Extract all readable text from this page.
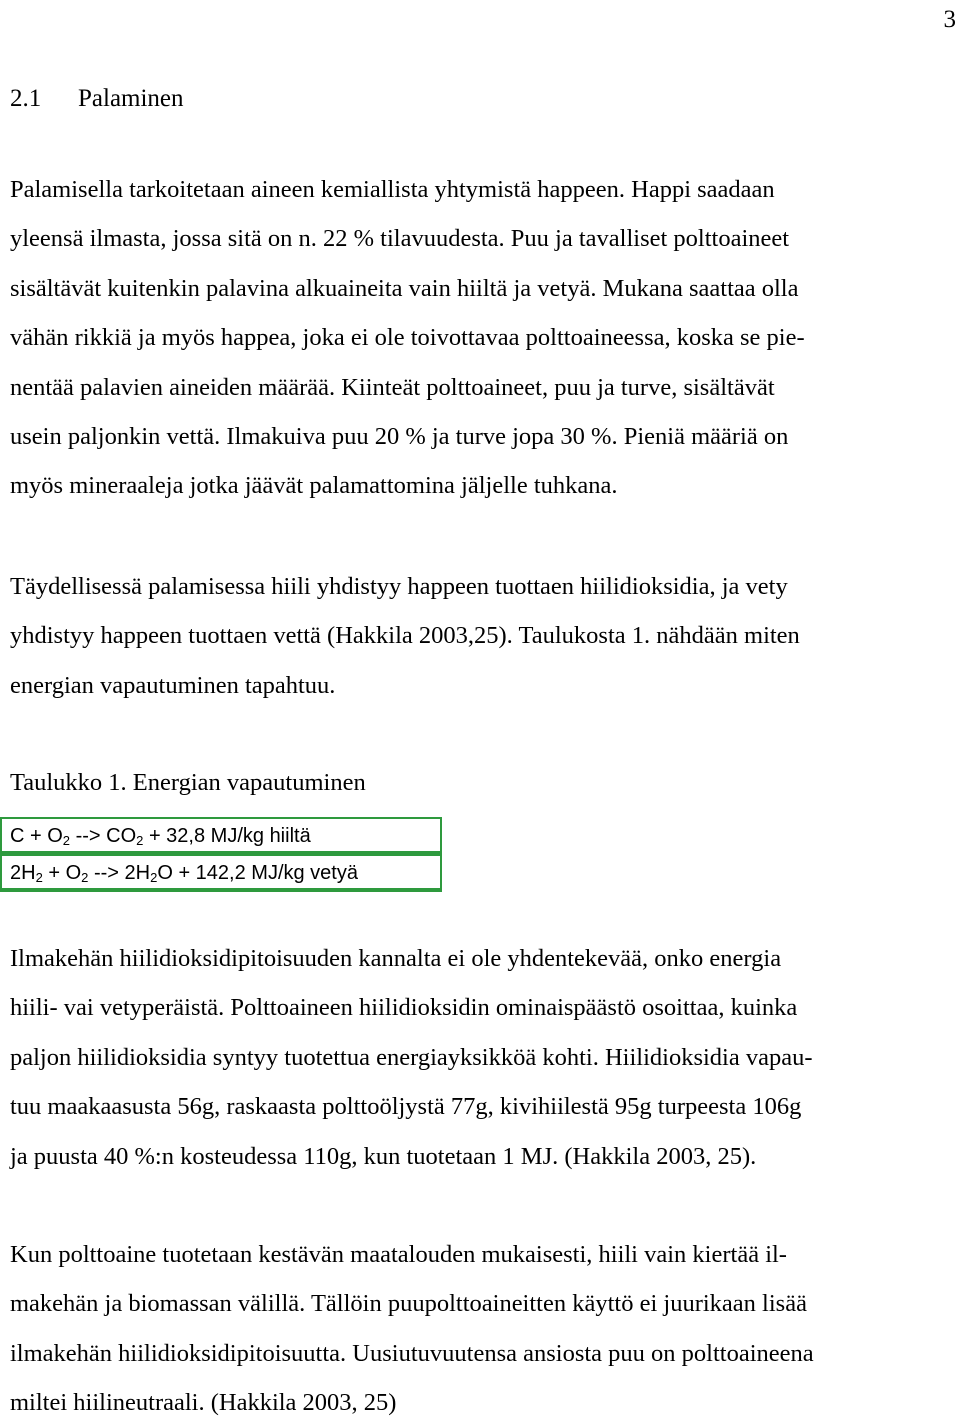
3
2.1 Palaminen
Palamisella tarkoitetaan aineen kemiallista yhtymistä happeen. Happi saadaan
yleensä ilmasta, jossa sitä on n. 22 % tilavuudesta. Puu ja tavalliset polttoaineet
sisältävät kuitenkin palavina alkuaineita vain hiiltä ja vetyä. Mukana saattaa olla
vähän rikkiä ja myös happea, joka ei ole toivottavaa polttoaineessa, koska se pie-
nentää palavien aineiden määrää. Kiinteät polttoaineet, puu ja turve, sisältävät
usein paljonkin vettä. Ilmakuiva puu 20 % ja turve jopa 30 %. Pieniä määriä on
myös mineraaleja jotka jäävät palamattomina jäljelle tuhkana.
Täydellisessä palamisessa hiili yhdistyy happeen tuottaen hiilidioksidia, ja vety
yhdistyy happeen tuottaen vettä (Hakkila 2003,25). Taulukosta 1. nähdään miten
energian vapautuminen tapahtuu.
Taulukko 1. Energian vapautuminen
$C + O_2$ --> $CO_2 + 32,8$ MJ/kg hiiltä
$2H_2 + O_2$ --> $2H_2O + 142,2$ MJ/kg vetyä
Ilmakehän hiilidioksidipitoisuuden kannalta ei ole yhdentekevää, onko energia
hiili- vai vetyperäistä. Polttoaineen hiilidioksidin ominaispäästö osoittaa, kuinka
paljon hiilidioksidia syntyy tuotettua energiayksikköä kohti. Hiilidioksidia vapau-
tuu maakaasusta 56g, raskaasta polttoöljystä 77g, kivihiilestä 95g turpeesta 106g
ja puusta 40 %:n kosteudessa 110g, kun tuotetaan 1 MJ. (Hakkila 2003, 25).
Kun polttoaine tuotetaan kestävän maatalouden mukaisesti, hiili vain kiertää il-
makehän ja biomassan välillä. Tällöin puupolttoaineitten käyttö ei juurikaan lisää
ilmakehän hiilidioksidipitoisuutta. Uusiutuvuutensa ansiosta puu on polttoaineena
miltei hiilineutraali. (Hakkila 2003, 25)
